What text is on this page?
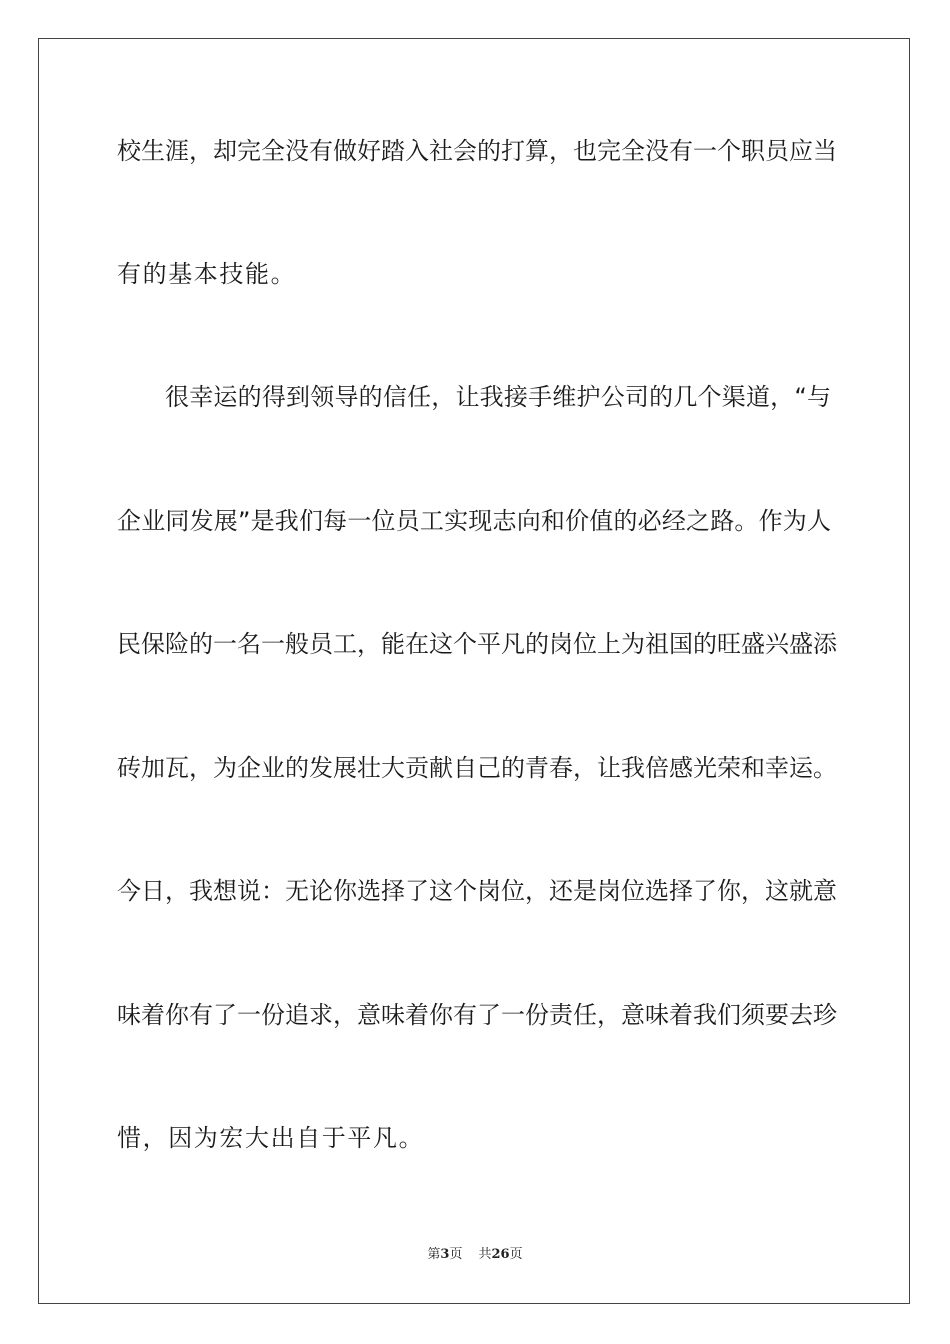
校生涯，却完全没有做好踏入社会的打算，也完全没有一个职员应当
有的基本技能。
很幸运的得到领导的信任，让我接手维护公司的几个渠道，“与
企业同发展”是我们每一位员工实现志向和价值的必经之路。作为人
民保险的一名一般员工，能在这个平凡的岗位上为祖国的旺盛兴盛添
砖加瓦，为企业的发展壮大贡献自己的青春，让我倍感光荣和幸运。
今日，我想说：无论你选择了这个岗位，还是岗位选择了你，这就意
味着你有了一份追求，意味着你有了一份责任，意味着我们须要去珍
惜，因为宏大出自于平凡。
第3页 共26页
